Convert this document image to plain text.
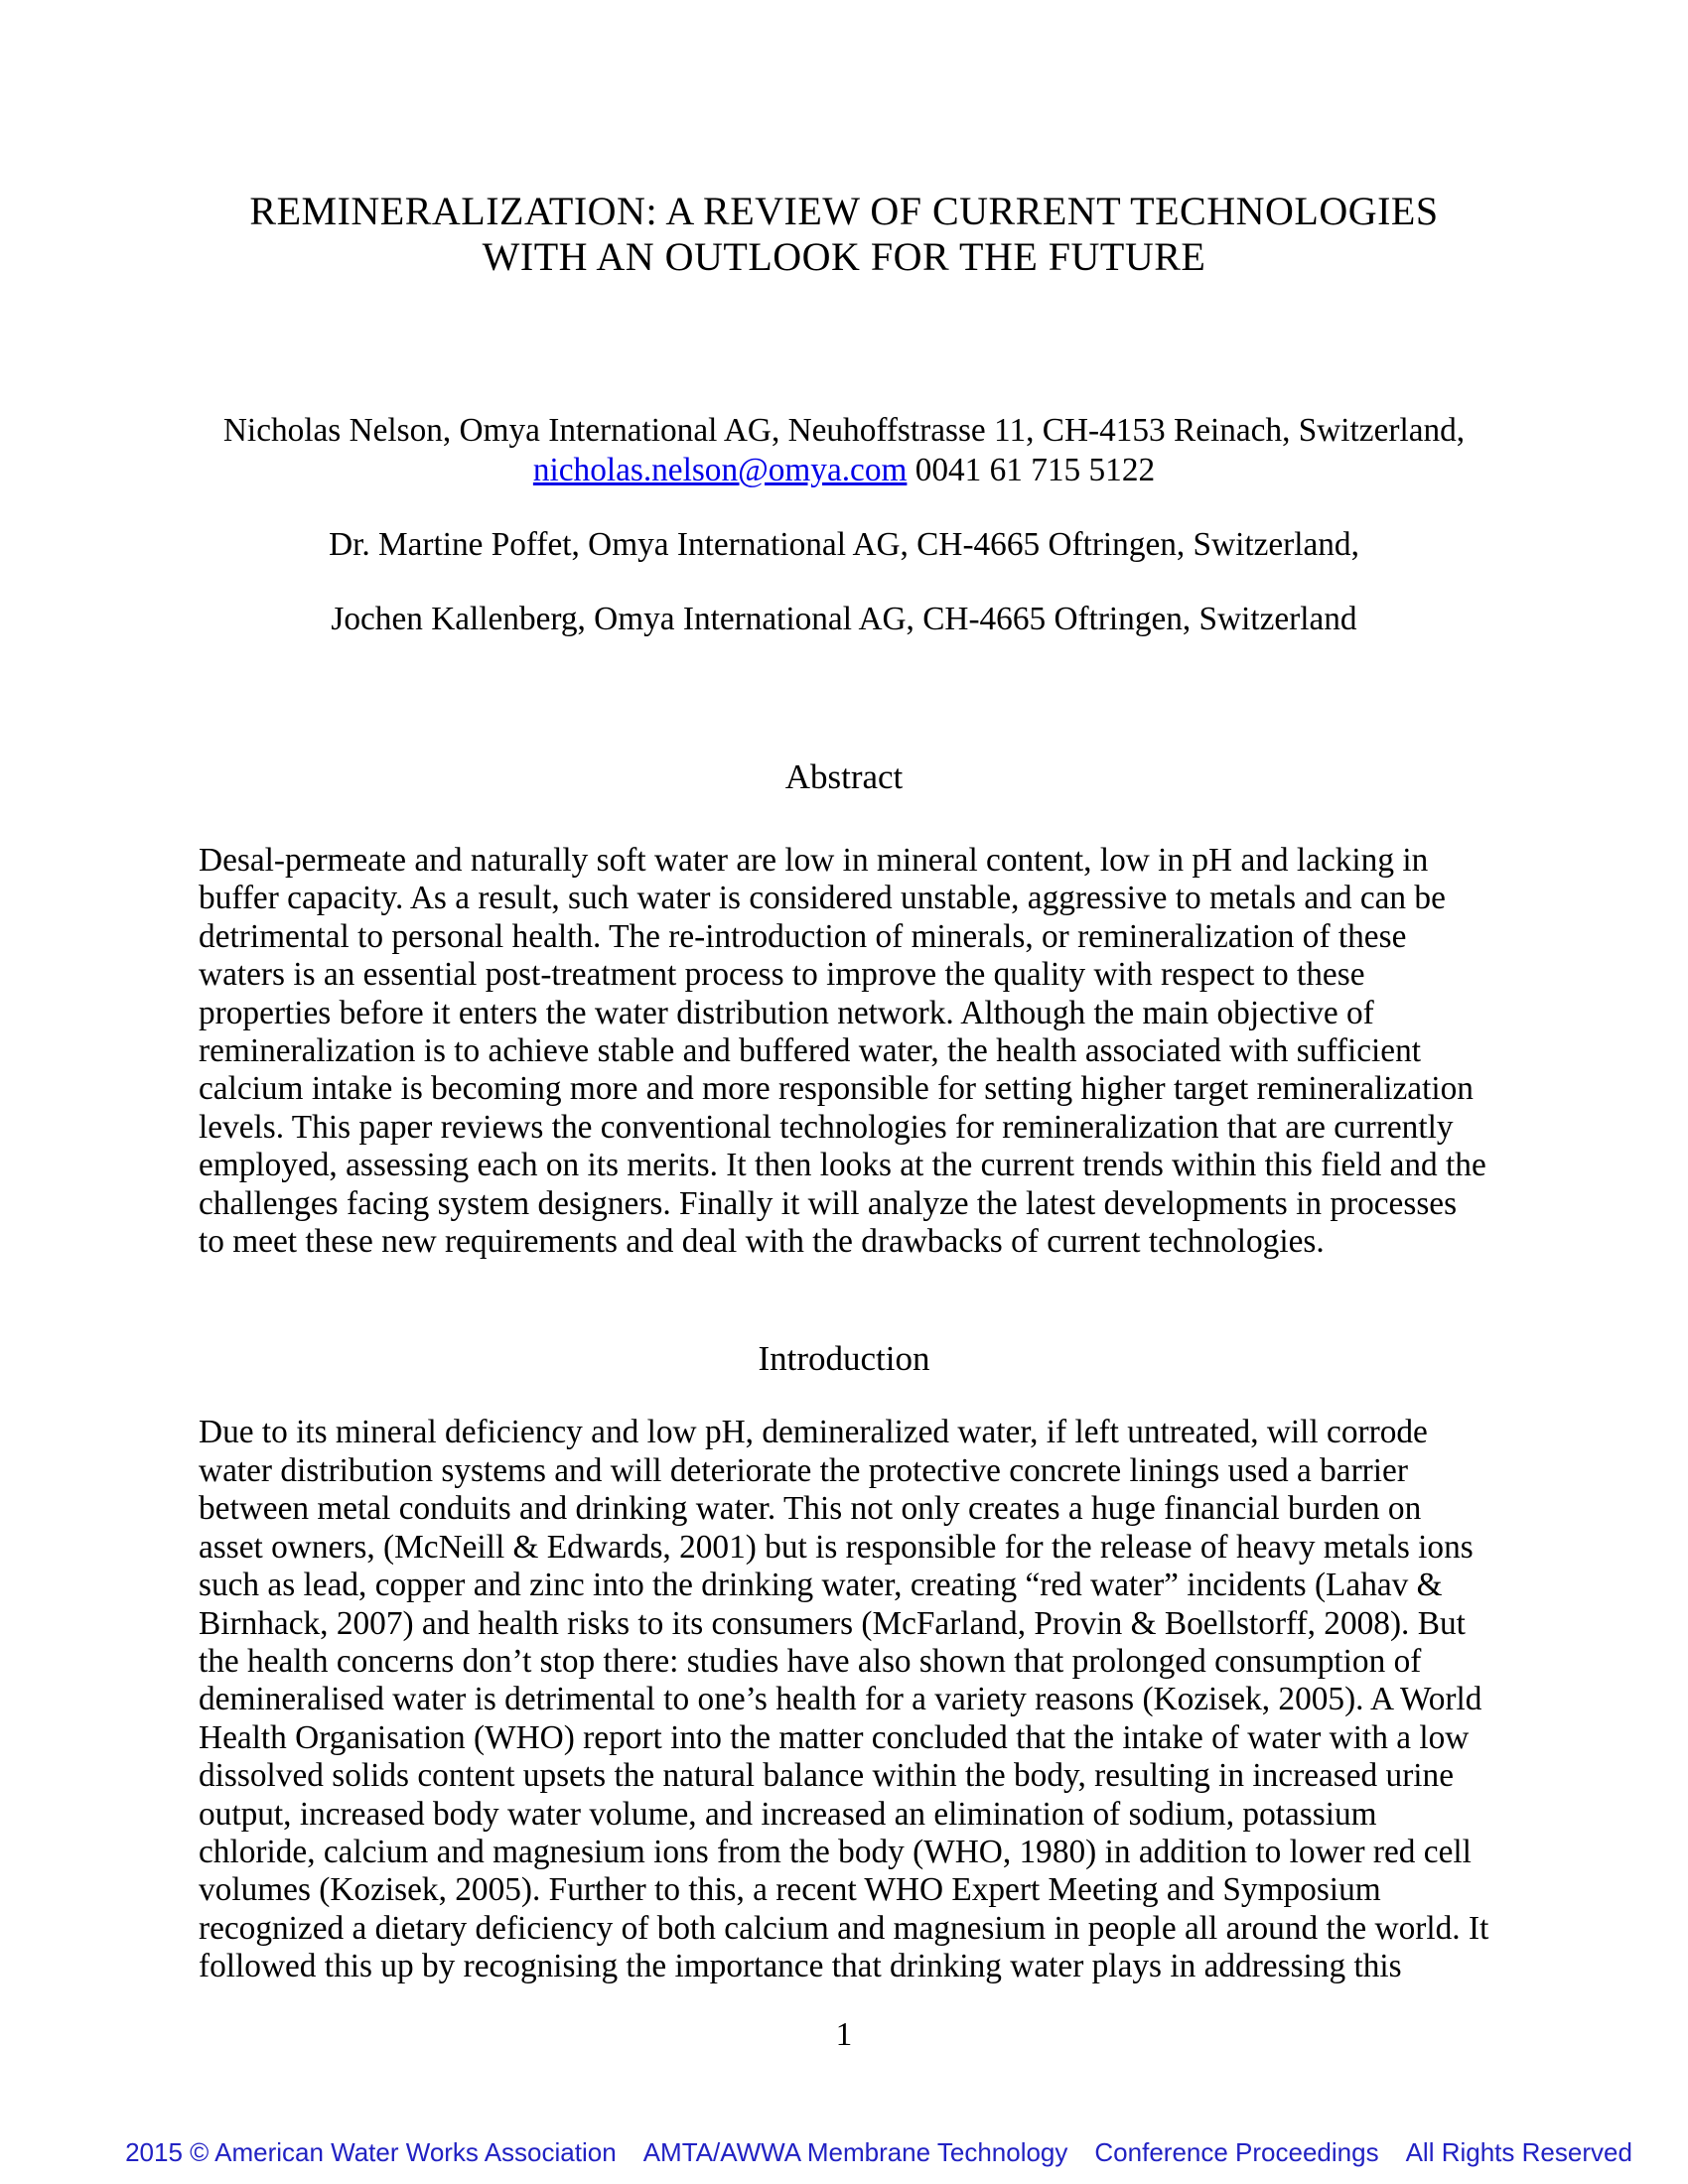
REMINERALIZATION: A REVIEW OF CURRENT TECHNOLOGIES
WITH AN OUTLOOK FOR THE FUTURE

Nicholas Nelson, Omya International AG, Neuhoffstrasse 11, CH-4153 Reinach, Switzerland,
nicholas.nelson@omya.com 0041 61 715 5122

Dr. Martine Poffet, Omya International AG, CH-4665 Oftringen, Switzerland,

Jochen Kallenberg, Omya International AG, CH-4665 Oftringen, Switzerland

Abstract

Desal-permeate and naturally soft water are low in mineral content, low in pH and lacking in buffer capacity. As a result, such water is considered unstable, aggressive to metals and can be detrimental to personal health. The re-introduction of minerals, or remineralization of these waters is an essential post-treatment process to improve the quality with respect to these properties before it enters the water distribution network. Although the main objective of remineralization is to achieve stable and buffered water, the health associated with sufficient calcium intake is becoming more and more responsible for setting higher target remineralization levels. This paper reviews the conventional technologies for remineralization that are currently employed, assessing each on its merits. It then looks at the current trends within this field and the challenges facing system designers. Finally it will analyze the latest developments in processes to meet these new requirements and deal with the drawbacks of current technologies.

Introduction

Due to its mineral deficiency and low pH, demineralized water, if left untreated, will corrode water distribution systems and will deteriorate the protective concrete linings used a barrier between metal conduits and drinking water. This not only creates a huge financial burden on asset owners, (McNeill & Edwards, 2001) but is responsible for the release of heavy metals ions such as lead, copper and zinc into the drinking water, creating “red water” incidents (Lahav & Birnhack, 2007) and health risks to its consumers (McFarland, Provin & Boellstorff, 2008). But the health concerns don’t stop there: studies have also shown that prolonged consumption of demineralised water is detrimental to one’s health for a variety reasons (Kozisek, 2005). A World Health Organisation (WHO) report into the matter concluded that the intake of water with a low dissolved solids content upsets the natural balance within the body, resulting in increased urine output, increased body water volume, and increased an elimination of sodium, potassium chloride, calcium and magnesium ions from the body (WHO, 1980) in addition to lower red cell volumes (Kozisek, 2005). Further to this, a recent WHO Expert Meeting and Symposium recognized a dietary deficiency of both calcium and magnesium in people all around the world. It followed this up by recognising the importance that drinking water plays in addressing this

1
2015 © American Water Works Association AMTA/AWWA Membrane Technology Conference Proceedings All Rights Reserved
